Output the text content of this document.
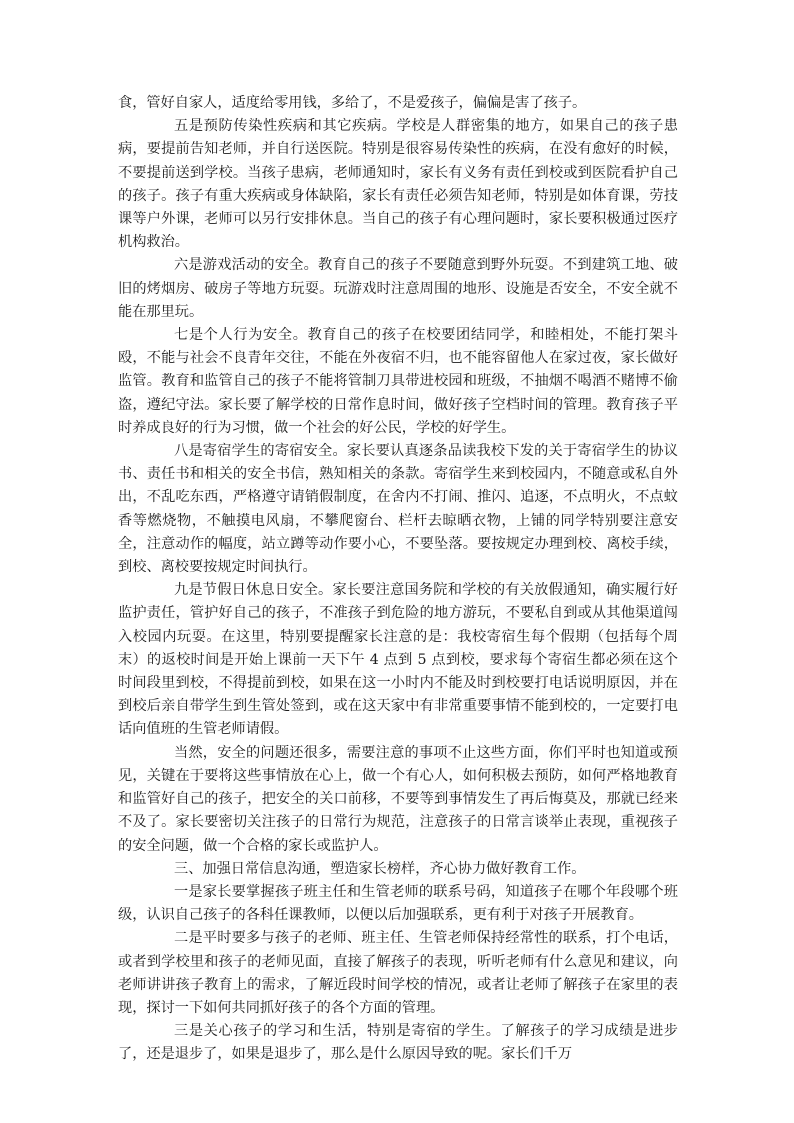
食，管好自家人，适度给零用钱，多给了，不是爱孩子，偏偏是害了孩子。

五是预防传染性疾病和其它疾病。学校是人群密集的地方，如果自己的孩子患病，要提前告知老师，并自行送医院。特别是很容易传染性的疾病，在没有愈好的时候，不要提前送到学校。当孩子患病，老师通知时，家长有义务有责任到校或到医院看护自己的孩子。孩子有重大疾病或身体缺陷，家长有责任必须告知老师，特别是如体育课，劳技课等户外课，老师可以另行安排休息。当自己的孩子有心理问题时，家长要积极通过医疗机构救治。

六是游戏活动的安全。教育自己的孩子不要随意到野外玩耍。不到建筑工地、破旧的烤烟房、破房子等地方玩耍。玩游戏时注意周围的地形、设施是否安全，不安全就不能在那里玩。

七是个人行为安全。教育自己的孩子在校要团结同学，和睦相处，不能打架斗殴，不能与社会不良青年交往，不能在外夜宿不归，也不能容留他人在家过夜，家长做好监管。教育和监管自己的孩子不能将管制刀具带进校园和班级，不抽烟不喝酒不赌博不偷盗，遵纪守法。家长要了解学校的日常作息时间，做好孩子空档时间的管理。教育孩子平时养成良好的行为习惯，做一个社会的好公民，学校的好学生。

八是寄宿学生的寄宿安全。家长要认真逐条品读我校下发的关于寄宿学生的协议书、责任书和相关的安全书信，熟知相关的条款。寄宿学生来到校园内，不随意或私自外出，不乱吃东西，严格遵守请销假制度，在舍内不打闹、推闪、追逐，不点明火，不点蚊香等燃烧物，不触摸电风扇，不攀爬窗台、栏杆去晾晒衣物，上铺的同学特别要注意安全，注意动作的幅度，站立蹲等动作要小心，不要坠落。要按规定办理到校、离校手续，到校、离校要按规定时间执行。

九是节假日休息日安全。家长要注意国务院和学校的有关放假通知，确实履行好监护责任，管护好自己的孩子，不准孩子到危险的地方游玩，不要私自到或从其他渠道闯入校园内玩耍。在这里，特别要提醒家长注意的是：我校寄宿生每个假期（包括每个周末）的返校时间是开始上课前一天下午 4 点到 5 点到校，要求每个寄宿生都必须在这个时间段里到校，不得提前到校，如果在这一小时内不能及时到校要打电话说明原因，并在到校后亲自带学生到生管处签到，或在这天家中有非常重要事情不能到校的，一定要打电话向值班的生管老师请假。

当然，安全的问题还很多，需要注意的事项不止这些方面，你们平时也知道或预见，关键在于要将这些事情放在心上，做一个有心人，如何积极去预防，如何严格地教育和监管好自己的孩子，把安全的关口前移，不要等到事情发生了再后悔莫及，那就已经来不及了。家长要密切关注孩子的日常行为规范，注意孩子的日常言谈举止表现，重视孩子的安全问题，做一个合格的家长或监护人。

三、加强日常信息沟通，塑造家长榜样，齐心协力做好教育工作。

一是家长要掌握孩子班主任和生管老师的联系号码，知道孩子在哪个年段哪个班级，认识自己孩子的各科任课教师，以便以后加强联系，更有利于对孩子开展教育。

二是平时要多与孩子的老师、班主任、生管老师保持经常性的联系，打个电话，或者到学校里和孩子的老师见面，直接了解孩子的表现，听听老师有什么意见和建议，向老师讲讲孩子教育上的需求，了解近段时间学校的情况，或者让老师了解孩子在家里的表现，探讨一下如何共同抓好孩子的各个方面的管理。

三是关心孩子的学习和生活，特别是寄宿的学生。了解孩子的学习成绩是进步了，还是退步了，如果是退步了，那么是什么原因导致的呢。家长们千万
